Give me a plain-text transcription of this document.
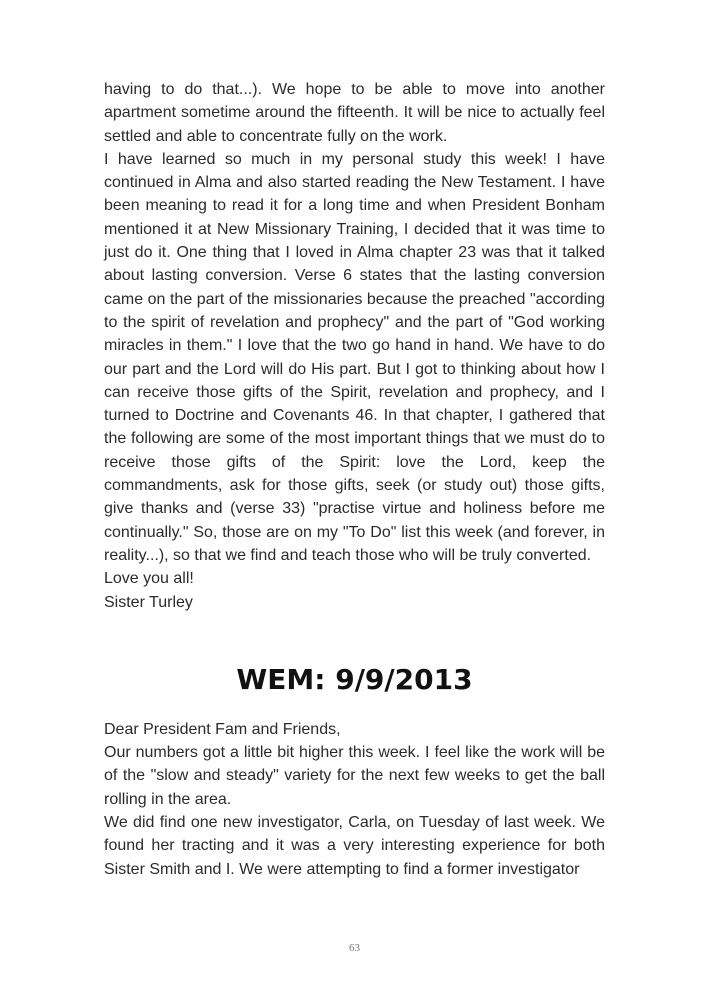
having to do that...). We hope to be able to move into another apartment sometime around the fifteenth. It will be nice to actually feel settled and able to concentrate fully on the work.

I have learned so much in my personal study this week! I have continued in Alma and also started reading the New Testament. I have been meaning to read it for a long time and when President Bonham mentioned it at New Missionary Training, I decided that it was time to just do it. One thing that I loved in Alma chapter 23 was that it talked about lasting conversion. Verse 6 states that the lasting conversion came on the part of the missionaries because the preached "according to the spirit of revelation and prophecy" and the part of "God working miracles in them." I love that the two go hand in hand. We have to do our part and the Lord will do His part. But I got to thinking about how I can receive those gifts of the Spirit, revelation and prophecy, and I turned to Doctrine and Covenants 46. In that chapter, I gathered that the following are some of the most important things that we must do to receive those gifts of the Spirit: love the Lord, keep the commandments, ask for those gifts, seek (or study out) those gifts, give thanks and (verse 33) "practise virtue and holiness before me continually." So, those are on my "To Do" list this week (and forever, in reality...), so that we find and teach those who will be truly converted.

Love you all!

Sister Turley

WEM: 9/9/2013

Dear President Fam and Friends,

Our numbers got a little bit higher this week. I feel like the work will be of the "slow and steady" variety for the next few weeks to get the ball rolling in the area.

We did find one new investigator, Carla, on Tuesday of last week. We found her tracting and it was a very interesting experience for both Sister Smith and I. We were attempting to find a former investigator

63
